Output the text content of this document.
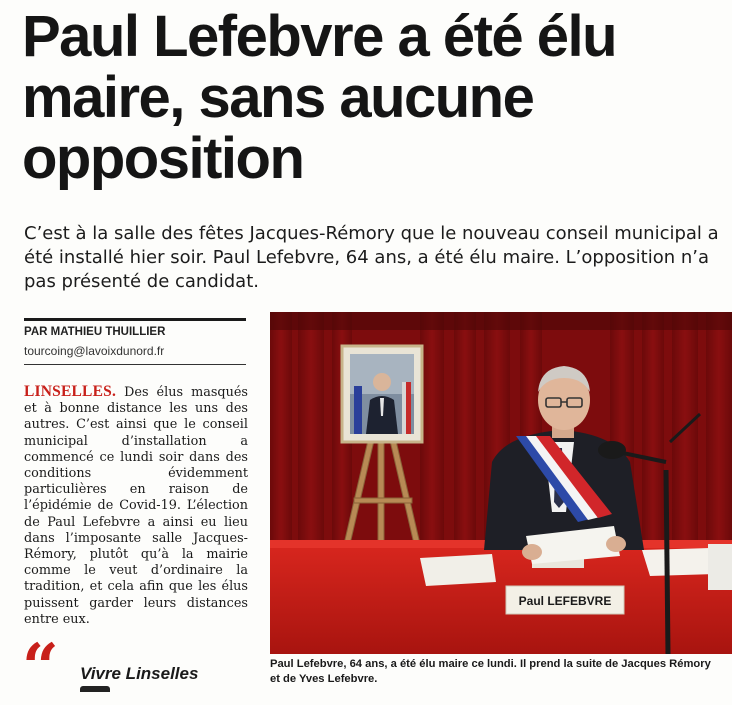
Paul Lefebvre a été élu maire, sans aucune opposition

C’est à la salle des fêtes Jacques-Rémory que le nouveau conseil municipal a été installé hier soir. Paul Lefebvre, 64 ans, a été élu maire. L’opposition n’a pas présenté de candidat.

PAR MATHIEU THUILLIER
tourcoing@lavoixdunord.fr

LINSELLES. Des élus masqués et à bonne distance les uns des autres. C’est ainsi que le conseil municipal d’installation a commencé ce lundi soir dans des conditions évidemment particulières en raison de l’épidémie de Covid-19. L’élection de Paul Lefebvre a ainsi eu lieu dans l’imposante salle Jacques-Rémory, plutôt qu’à la mairie comme le veut d’ordinaire la tradition, et cela afin que les élus puissent garder leurs distances entre eux.

“ Vivre Linselles
Paul LEFEBVRE

Paul Lefebvre, 64 ans, a été élu maire ce lundi. Il prend la suite de Jacques Rémory
et de Yves Lefebvre.
